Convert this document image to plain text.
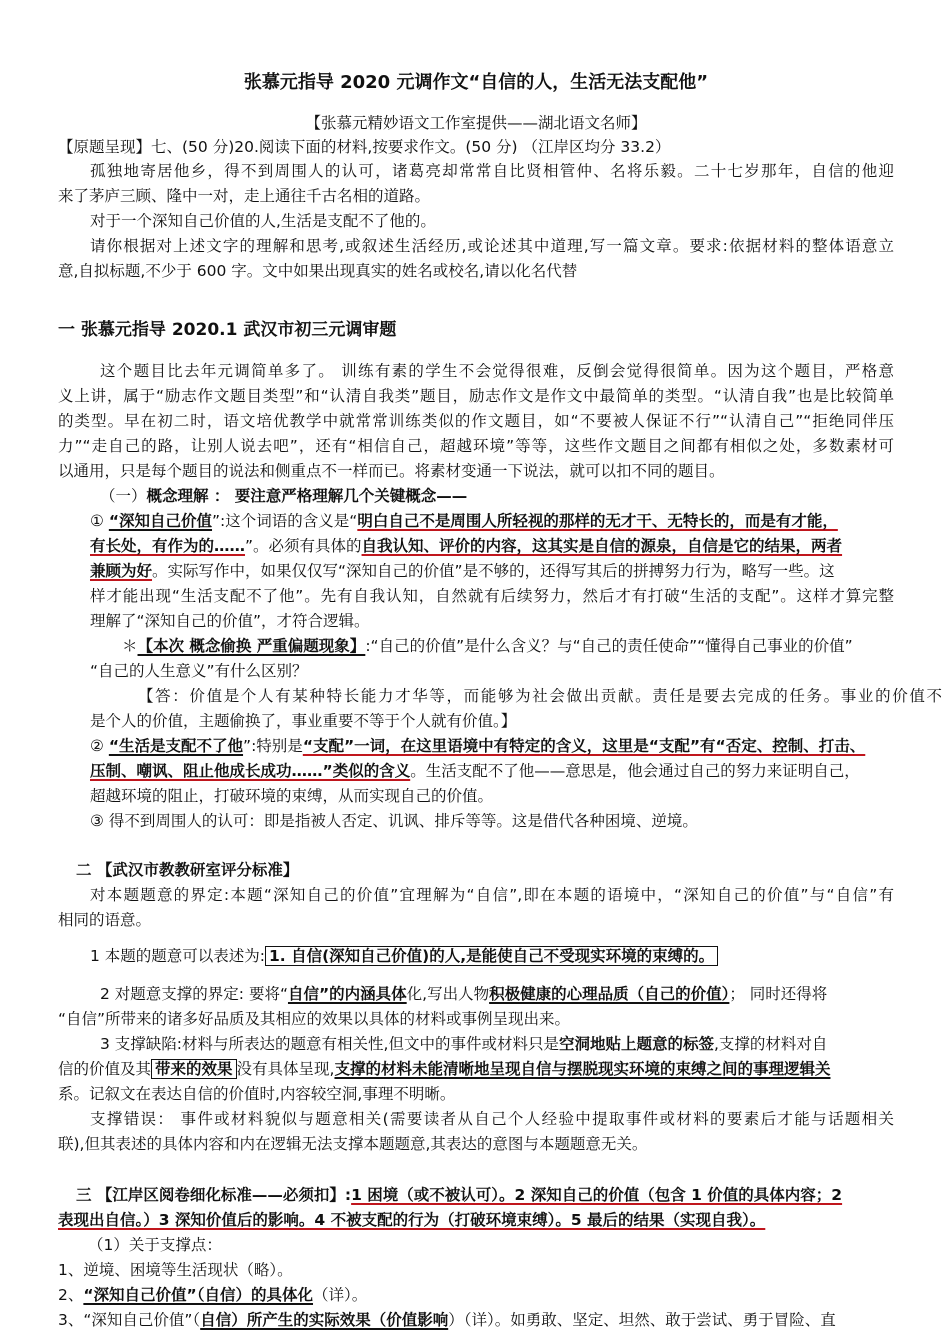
张慕元指导 2020 元调作文“自信的人，生活无法支配他”
【张慕元精妙语文工作室提供——湖北语文名师】
【原题呈现】七、(50 分)20.阅读下面的材料,按要求作文。(50 分) （江岸区均分 33.2）
孤独地寄居他乡，得不到周围人的认可，诸葛亮却常常自比贤相管仲、名将乐毅。二十七岁那年，自信的他迎
来了茅庐三顾、隆中一对，走上通往千古名相的道路。
对于一个深知自己价值的人,生活是支配不了他的。
请你根据对上述文字的理解和思考,或叙述生活经历,或论述其中道理,写一篇文章。要求:依据材料的整体语意立
意,自拟标题,不少于 600 字。文中如果出现真实的姓名或校名,请以化名代替
一 张慕元指导 2020.1 武汉市初三元调审题
这个题目比去年元调简单多了。 训练有素的学生不会觉得很难，反倒会觉得很简单。因为这个题目，严格意
义上讲，属于“励志作文题目类型”和“认清自我类”题目，励志作文是作文中最简单的类型。“认清自我”也是比较简单
的类型。早在初二时，语文培优教学中就常常训练类似的作文题目，如“不要被人保证不行”“认清自己”“拒绝同伴压
力”“走自己的路，让别人说去吧”，还有“相信自己，超越环境”等等，这些作文题目之间都有相似之处，多数素材可
以通用，只是每个题目的说法和侧重点不一样而已。将素材变通一下说法，就可以扣不同的题目。
（一）概念理解 ： 要注意严格理解几个关键概念——
① “深知自己价值”:这个词语的含义是“明白自己不是周围人所轻视的那样的无才干、无特长的，而是有才能，
有长处，有作为的……”。必须有具体的自我认知、评价的内容，这其实是自信的源泉，自信是它的结果，两者
兼顾为好。实际写作中，如果仅仅写“深知自己的价值”是不够的，还得写其后的拼搏努力行为，略写一些。这
样才能出现“生活支配不了他”。先有自我认知，自然就有后续努力，然后才有打破“生活的支配”。这样才算完整
理解了“深知自己的价值”，才符合逻辑。
＊【本次 概念偷换 严重偏题现象】:“自己的价值”是什么含义？与“自己的责任使命”“懂得自己事业的价值”
“自己的人生意义”有什么区别？
【答：价值是个人有某种特长能力才华等，而能够为社会做出贡献。责任是要去完成的任务。事业的价值不
是个人的价值，主题偷换了，事业重要不等于个人就有价值。】
② “生活是支配不了他”:特别是“支配”一词，在这里语境中有特定的含义，这里是“支配”有“否定、控制、打击、
压制、嘲讽、阻止他成长成功……”类似的含义。生活支配不了他——意思是，他会通过自己的努力来证明自己，
超越环境的阻止，打破环境的束缚，从而实现自己的价值。
③ 得不到周围人的认可：即是指被人否定、讥讽、排斥等等。这是借代各种困境、逆境。
二 【武汉市教教研室评分标准】
对本题题意的界定:本题“深知自己的价值”宜理解为“自信”,即在本题的语境中，“深知自己的价值”与“自信”有
相同的语意。
1 本题的题意可以表述为: 1. 自信(深知自己价值)的人,是能使自己不受现实环境的束缚的。
2 对题意支撑的界定: 要将“自信”的内涵具体化,写出人物积极健康的心理品质（自己的价值）； 同时还得将
“自信”所带来的诸多好品质及其相应的效果以具体的材料或事例呈现出来。
3 支撑缺陷:材料与所表达的题意有相关性,但文中的事件或材料只是空洞地贴上题意的标签,支撑的材料对自
信的价值及其 带来的效果 没有具体呈现,支撑的材料未能清晰地呈现自信与摆脱现实环境的束缚之间的事理逻辑关
系。记叙文在表达自信的价值时,内容较空洞,事理不明晰。
支撑错误： 事件或材料貌似与题意相关(需要读者从自己个人经验中提取事件或材料的要素后才能与话题相关
联),但其表述的具体内容和内在逻辑无法支撑本题题意,其表达的意图与本题题意无关。
三 【江岸区阅卷细化标准——必须扣】:1 困境（或不被认可）。2 深知自己的价值（包含 1 价值的具体内容；2
表现出自信。）3 深知价值后的影响。4 不被支配的行为（打破环境束缚）。5 最后的结果（实现自我）。
（1）关于支撑点：
1、逆境、困境等生活现状（略）。
2、“深知自己价值”（自信）的具体化（详）。
3、“深知自己价值”（自信）所产生的实际效果（价值影响）（详）。如勇敢、坚定、坦然、敢于尝试、勇于冒险、直
